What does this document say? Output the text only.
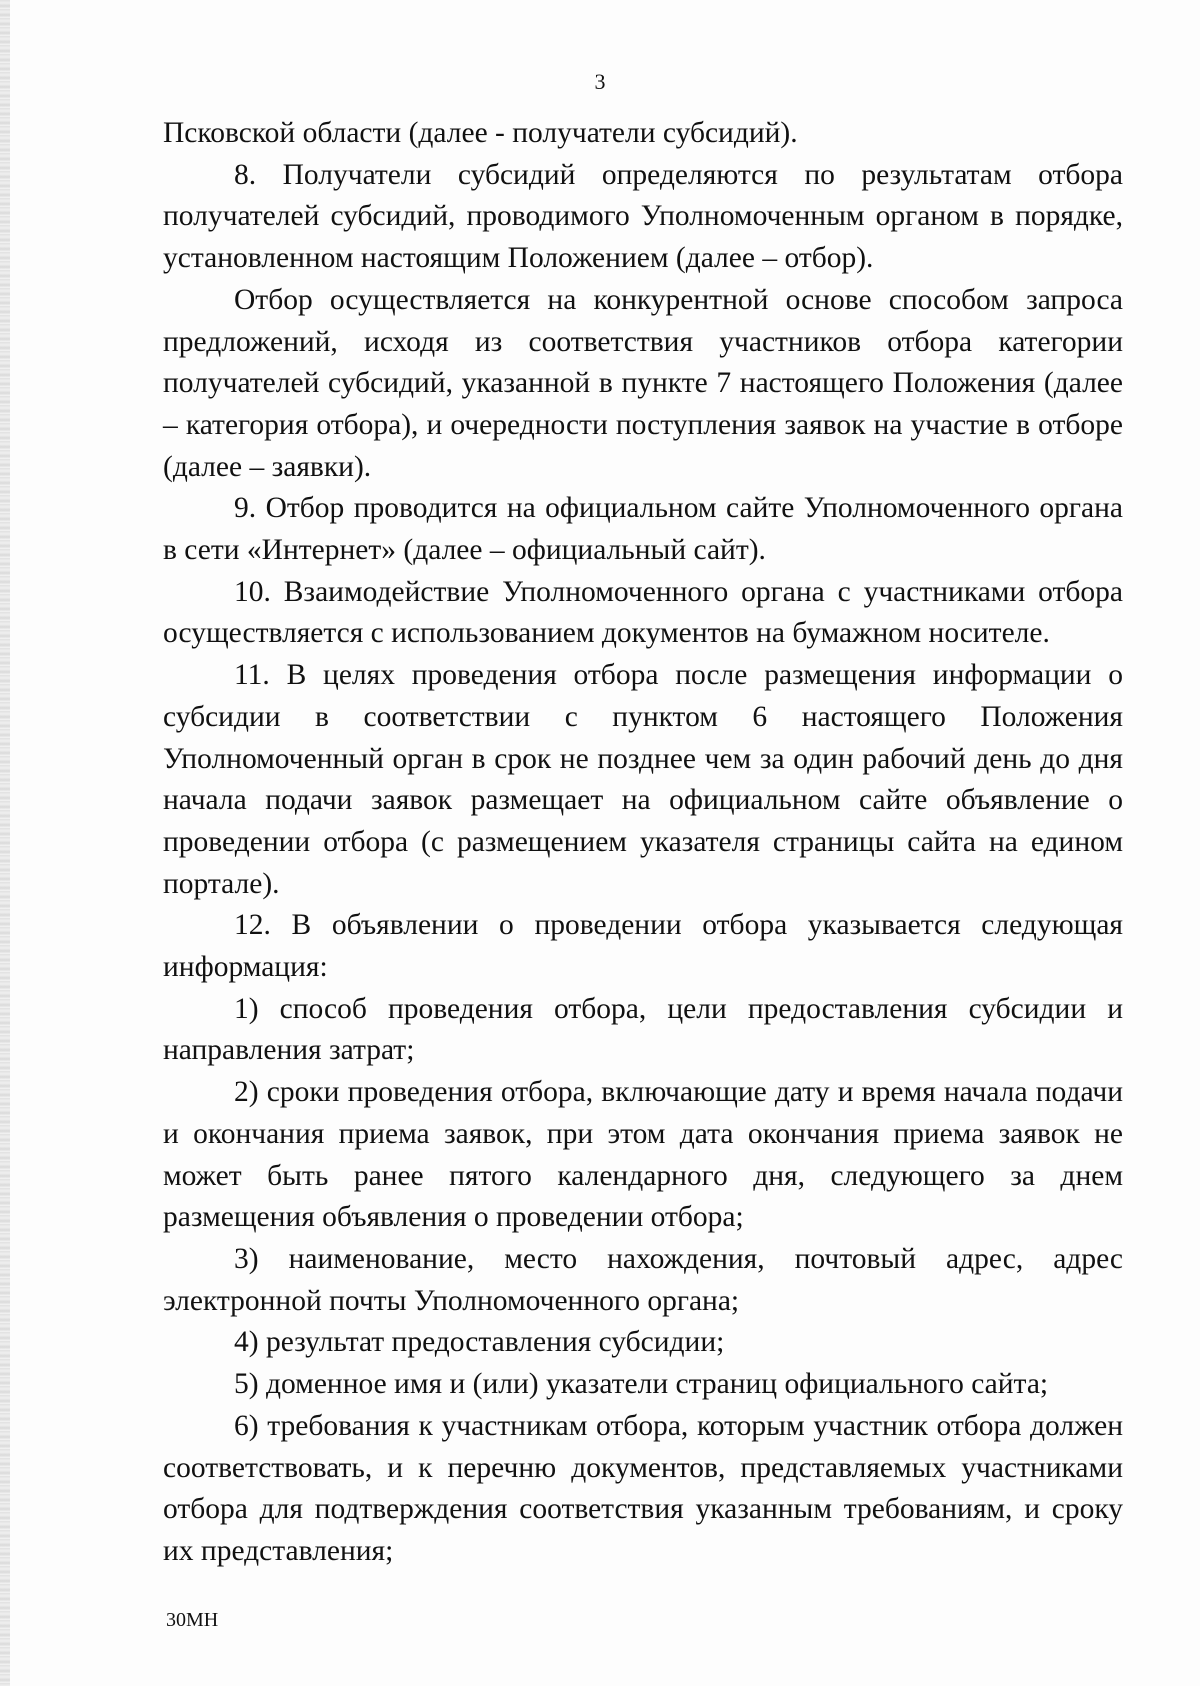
3

Псковской области (далее - получатели субсидий).

8. Получатели субсидий определяются по результатам отбора получателей субсидий, проводимого Уполномоченным органом в порядке, установленном настоящим Положением (далее – отбор).

Отбор осуществляется на конкурентной основе способом запроса предложений, исходя из соответствия участников отбора категории получателей субсидий, указанной в пункте 7 настоящего Положения (далее – категория отбора), и очередности поступления заявок на участие в отборе (далее – заявки).

9. Отбор проводится на официальном сайте Уполномоченного органа в сети «Интернет» (далее – официальный сайт).

10. Взаимодействие Уполномоченного органа с участниками отбора осуществляется с использованием документов на бумажном носителе.

11. В целях проведения отбора после размещения информации о субсидии в соответствии с пунктом 6 настоящего Положения Уполномоченный орган в срок не позднее чем за один рабочий день до дня начала подачи заявок размещает на официальном сайте объявление о проведении отбора (с размещением указателя страницы сайта на едином портале).

12. В объявлении о проведении отбора указывается следующая информация:

1) способ проведения отбора, цели предоставления субсидии и направления затрат;

2) сроки проведения отбора, включающие дату и время начала подачи и окончания приема заявок, при этом дата окончания приема заявок не может быть ранее пятого календарного дня, следующего за днем размещения объявления о проведении отбора;

3) наименование, место нахождения, почтовый адрес, адрес электронной почты Уполномоченного органа;

4) результат предоставления субсидии;

5) доменное имя и (или) указатели страниц официального сайта;

6) требования к участникам отбора, которым участник отбора должен соответствовать, и к перечню документов, представляемых участниками отбора для подтверждения соответствия указанным требованиям, и сроку их представления;

30МН
